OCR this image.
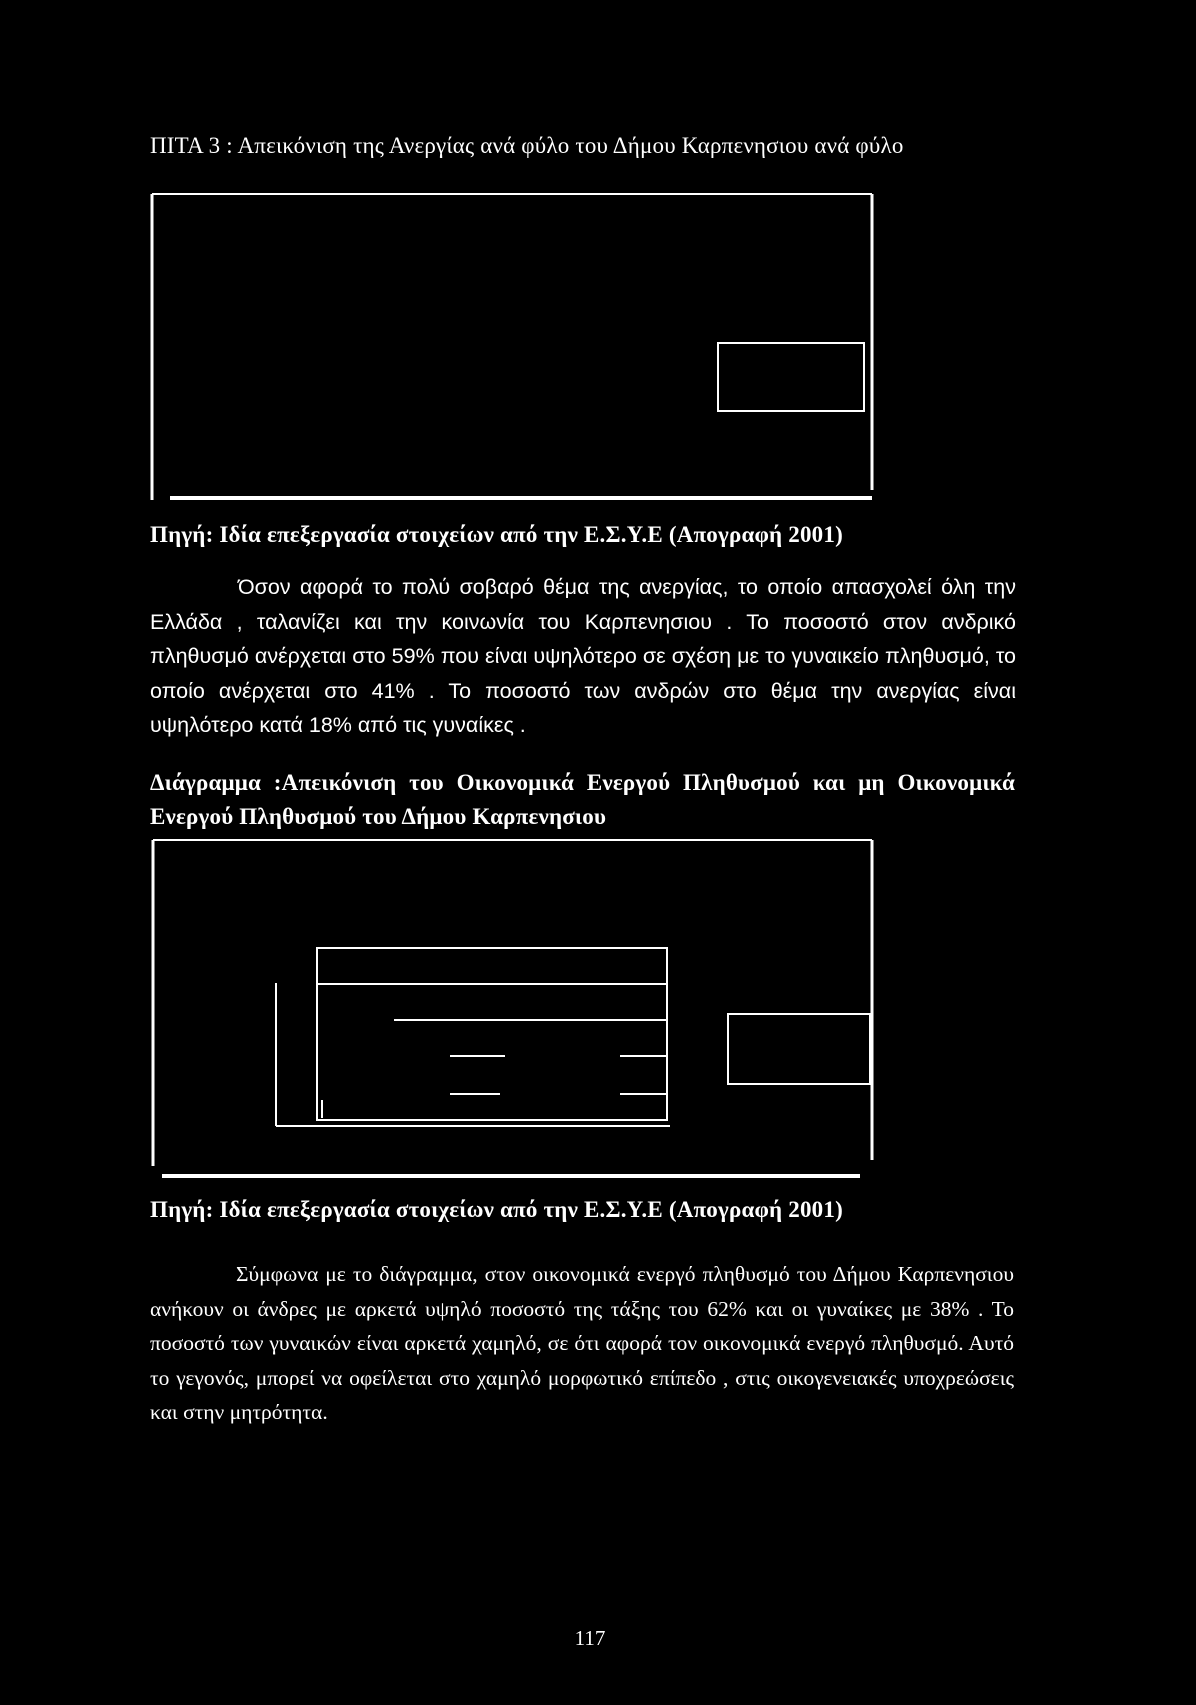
ΠΙΤΑ 3 : Απεικόνιση της Ανεργίας ανά φύλο του Δήμου Καρπενησιου ανά φύλο
Πηγή: Ιδία επεξεργασία στοιχείων από την Ε.Σ.Υ.Ε (Απογραφή 2001)
Όσον αφορά το πολύ σοβαρό θέμα της ανεργίας, το οποίο απασχολεί όλη την Ελλάδα , ταλανίζει και την κοινωνία του Καρπενησιου . Το ποσοστό στον ανδρικό πληθυσμό ανέρχεται στο 59% που είναι υψηλότερο σε σχέση με το γυναικείο πληθυσμό, το οποίο ανέρχεται στο 41% . Το ποσοστό των ανδρών στο θέμα την ανεργίας είναι υψηλότερο κατά 18% από τις γυναίκες .
Διάγραμμα :Απεικόνιση του Οικονομικά Ενεργού Πληθυσμού και μη Οικονομικά Ενεργού Πληθυσμού του Δήμου Καρπενησιου
Πηγή: Ιδία επεξεργασία στοιχείων από την Ε.Σ.Υ.Ε (Απογραφή 2001)
Σύμφωνα με το διάγραμμα, στον οικονομικά ενεργό πληθυσμό του Δήμου Καρπενησιου ανήκουν οι άνδρες με αρκετά υψηλό ποσοστό της τάξης του 62% και οι γυναίκες με 38% . Το ποσοστό των γυναικών είναι αρκετά χαμηλό, σε ότι αφορά τον οικονομικά ενεργό πληθυσμό. Αυτό το γεγονός, μπορεί να οφείλεται στο χαμηλό μορφωτικό επίπεδο , στις οικογενειακές υποχρεώσεις και στην μητρότητα.
117
